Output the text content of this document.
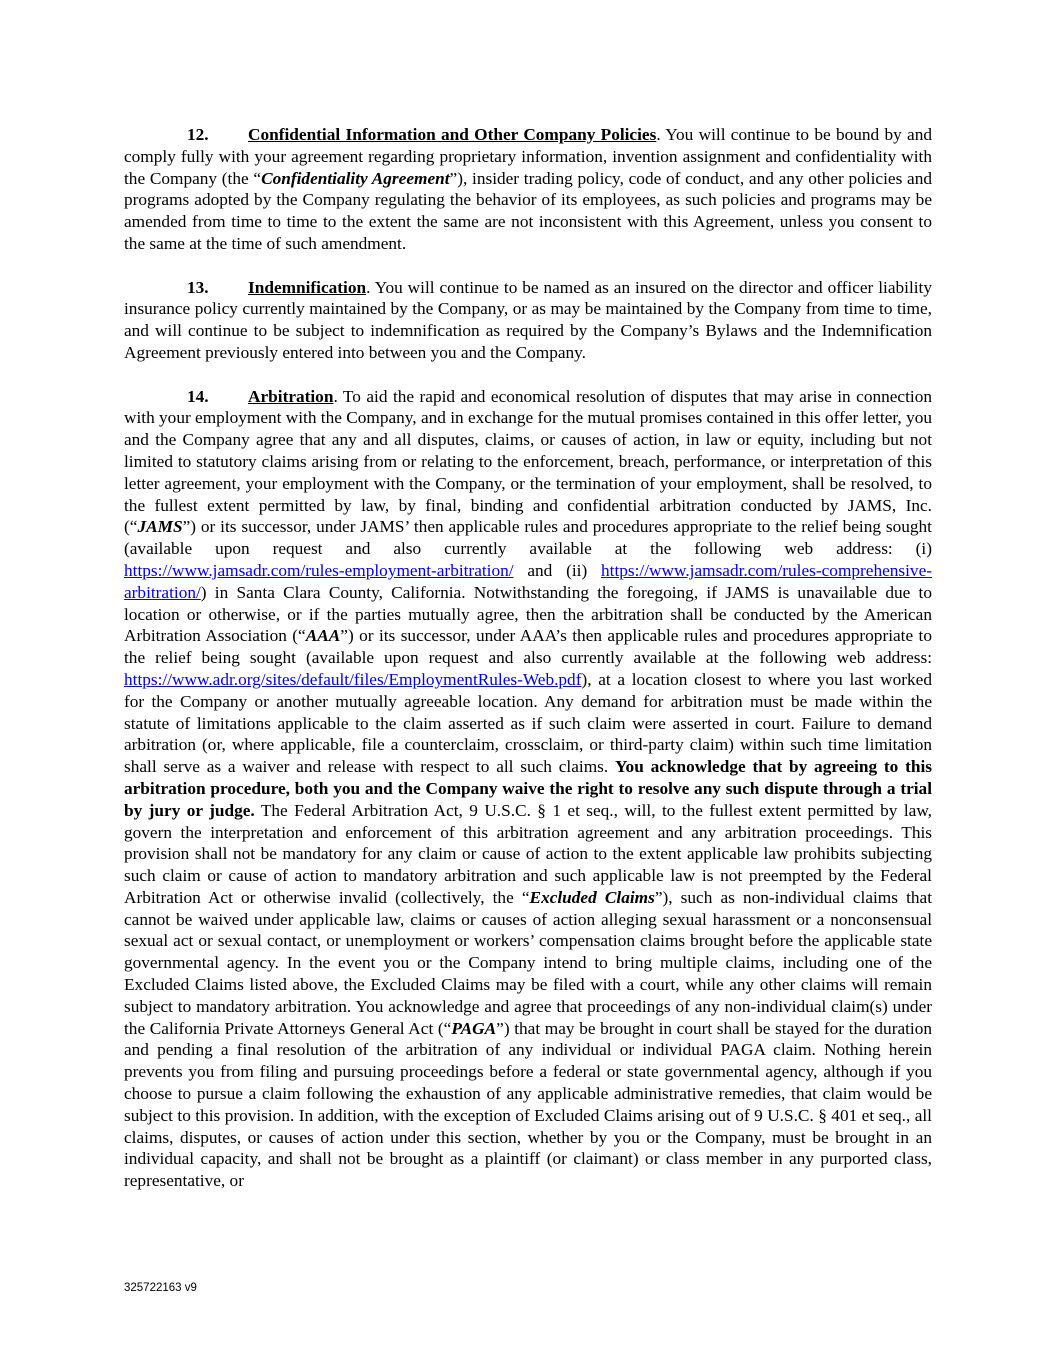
12. Confidential Information and Other Company Policies. You will continue to be bound by and comply fully with your agreement regarding proprietary information, invention assignment and confidentiality with the Company (the “Confidentiality Agreement”), insider trading policy, code of conduct, and any other policies and programs adopted by the Company regulating the behavior of its employees, as such policies and programs may be amended from time to time to the extent the same are not inconsistent with this Agreement, unless you consent to the same at the time of such amendment.

13. Indemnification. You will continue to be named as an insured on the director and officer liability insurance policy currently maintained by the Company, or as may be maintained by the Company from time to time, and will continue to be subject to indemnification as required by the Company’s Bylaws and the Indemnification Agreement previously entered into between you and the Company.

14. Arbitration. To aid the rapid and economical resolution of disputes that may arise in connection with your employment with the Company, and in exchange for the mutual promises contained in this offer letter, you and the Company agree that any and all disputes, claims, or causes of action, in law or equity, including but not limited to statutory claims arising from or relating to the enforcement, breach, performance, or interpretation of this letter agreement, your employment with the Company, or the termination of your employment, shall be resolved, to the fullest extent permitted by law, by final, binding and confidential arbitration conducted by JAMS, Inc. (“JAMS”) or its successor, under JAMS’ then applicable rules and procedures appropriate to the relief being sought (available upon request and also currently available at the following web address: (i) https://www.jamsadr.com/rules-employment-arbitration/ and (ii) https://www.jamsadr.com/rules-comprehensive-arbitration/) in Santa Clara County, California. Notwithstanding the foregoing, if JAMS is unavailable due to location or otherwise, or if the parties mutually agree, then the arbitration shall be conducted by the American Arbitration Association (“AAA”) or its successor, under AAA’s then applicable rules and procedures appropriate to the relief being sought (available upon request and also currently available at the following web address: https://www.adr.org/sites/default/files/EmploymentRules-Web.pdf), at a location closest to where you last worked for the Company or another mutually agreeable location. Any demand for arbitration must be made within the statute of limitations applicable to the claim asserted as if such claim were asserted in court. Failure to demand arbitration (or, where applicable, file a counterclaim, crossclaim, or third-party claim) within such time limitation shall serve as a waiver and release with respect to all such claims. You acknowledge that by agreeing to this arbitration procedure, both you and the Company waive the right to resolve any such dispute through a trial by jury or judge. The Federal Arbitration Act, 9 U.S.C. § 1 et seq., will, to the fullest extent permitted by law, govern the interpretation and enforcement of this arbitration agreement and any arbitration proceedings. This provision shall not be mandatory for any claim or cause of action to the extent applicable law prohibits subjecting such claim or cause of action to mandatory arbitration and such applicable law is not preempted by the Federal Arbitration Act or otherwise invalid (collectively, the “Excluded Claims”), such as non-individual claims that cannot be waived under applicable law, claims or causes of action alleging sexual harassment or a nonconsensual sexual act or sexual contact, or unemployment or workers’ compensation claims brought before the applicable state governmental agency. In the event you or the Company intend to bring multiple claims, including one of the Excluded Claims listed above, the Excluded Claims may be filed with a court, while any other claims will remain subject to mandatory arbitration. You acknowledge and agree that proceedings of any non-individual claim(s) under the California Private Attorneys General Act (“PAGA”) that may be brought in court shall be stayed for the duration and pending a final resolution of the arbitration of any individual or individual PAGA claim. Nothing herein prevents you from filing and pursuing proceedings before a federal or state governmental agency, although if you choose to pursue a claim following the exhaustion of any applicable administrative remedies, that claim would be subject to this provision. In addition, with the exception of Excluded Claims arising out of 9 U.S.C. § 401 et seq., all claims, disputes, or causes of action under this section, whether by you or the Company, must be brought in an individual capacity, and shall not be brought as a plaintiff (or claimant) or class member in any purported class, representative, or

325722163 v9
